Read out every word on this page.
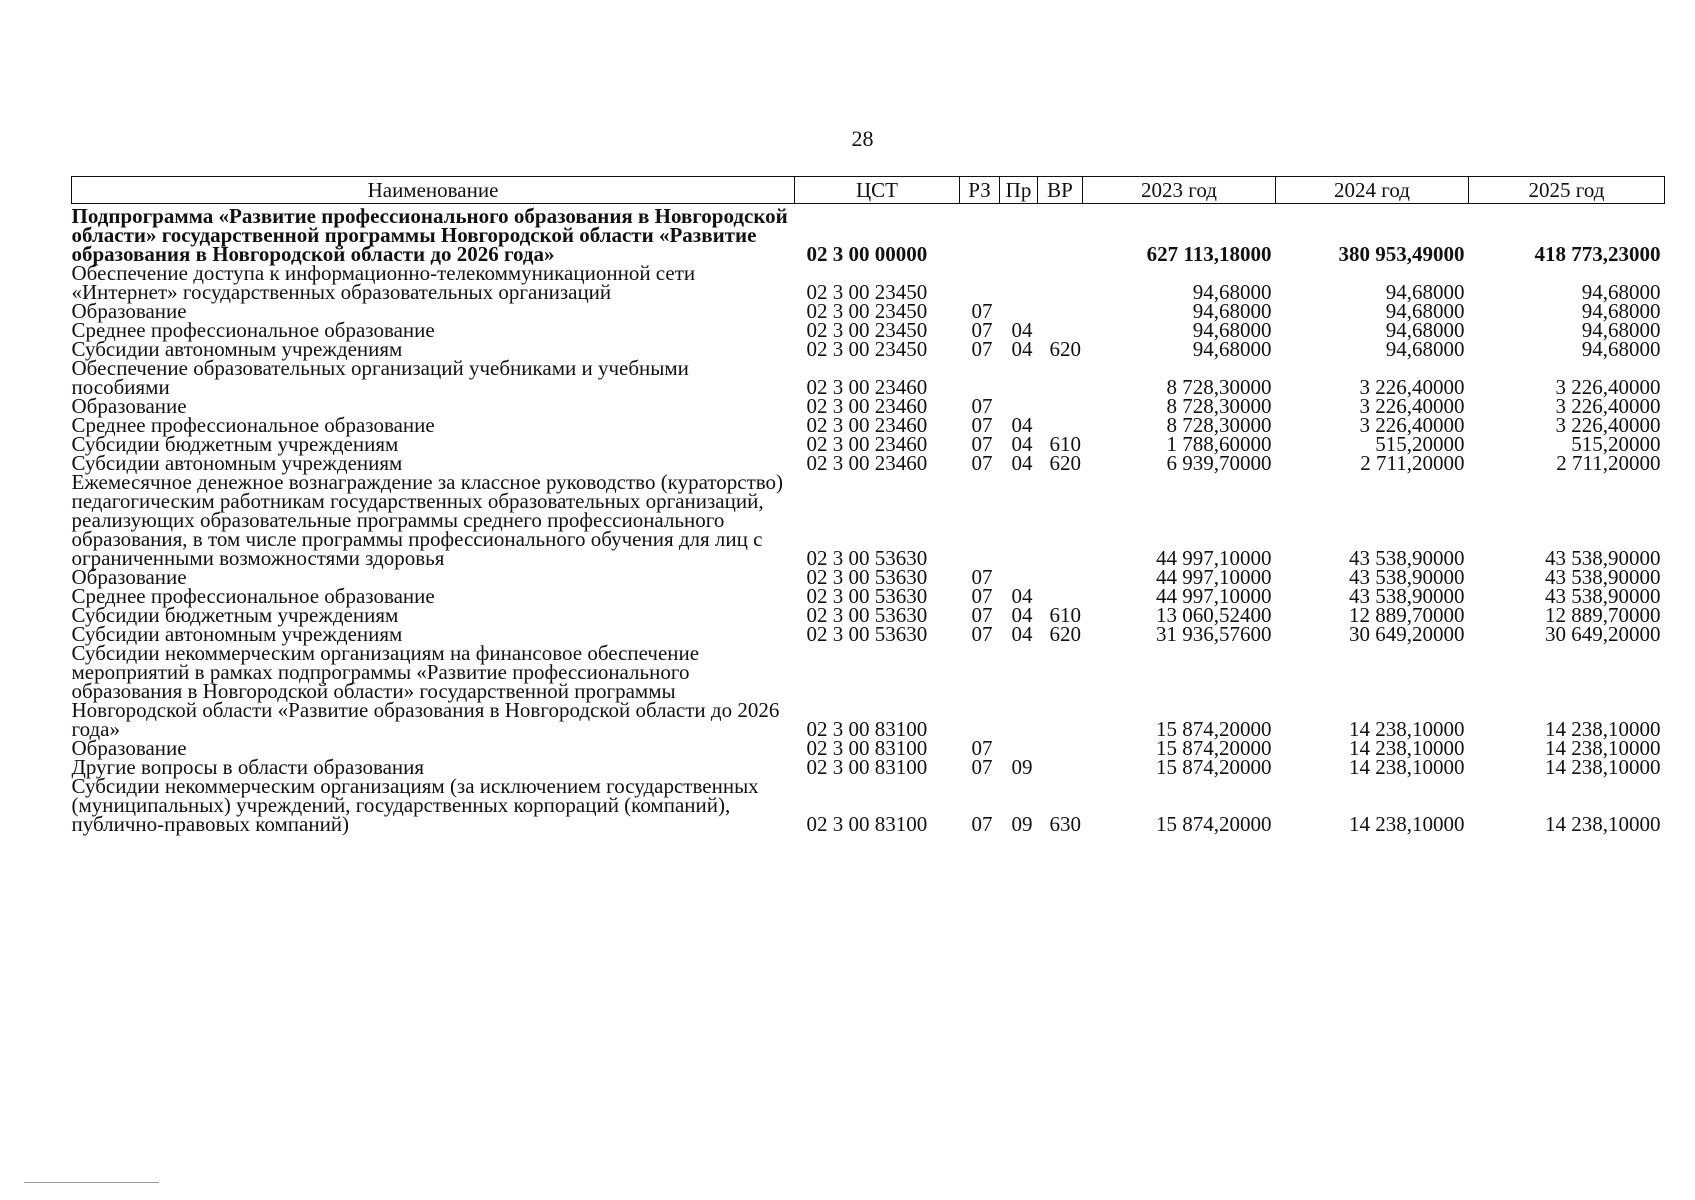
28
Наименование	ЦСТ	РЗ	Пр	ВР	2023 год	2024 год	2025 год
Подпрограмма «Развитие профессионального образования в Новгородской области» государственной программы Новгородской области «Развитие образования в Новгородской области до 2026 года»	02 3 00 00000				627 113,18000	380 953,49000	418 773,23000
Обеспечение доступа к информационно-телекоммуникационной сети «Интернет» государственных образовательных организаций	02 3 00 23450				94,68000	94,68000	94,68000
Образование	02 3 00 23450	07			94,68000	94,68000	94,68000
Среднее профессиональное образование	02 3 00 23450	07	04		94,68000	94,68000	94,68000
Субсидии автономным учреждениям	02 3 00 23450	07	04	620	94,68000	94,68000	94,68000
Обеспечение образовательных организаций учебниками и учебными пособиями	02 3 00 23460				8 728,30000	3 226,40000	3 226,40000
Образование	02 3 00 23460	07			8 728,30000	3 226,40000	3 226,40000
Среднее профессиональное образование	02 3 00 23460	07	04		8 728,30000	3 226,40000	3 226,40000
Субсидии бюджетным учреждениям	02 3 00 23460	07	04	610	1 788,60000	515,20000	515,20000
Субсидии автономным учреждениям	02 3 00 23460	07	04	620	6 939,70000	2 711,20000	2 711,20000
Ежемесячное денежное вознаграждение за классное руководство (кураторство) педагогическим работникам государственных образовательных организаций, реализующих образовательные программы среднего профессионального образования, в том числе программы профессионального обучения для лиц с ограниченными возможностями здоровья	02 3 00 53630				44 997,10000	43 538,90000	43 538,90000
Образование	02 3 00 53630	07			44 997,10000	43 538,90000	43 538,90000
Среднее профессиональное образование	02 3 00 53630	07	04		44 997,10000	43 538,90000	43 538,90000
Субсидии бюджетным учреждениям	02 3 00 53630	07	04	610	13 060,52400	12 889,70000	12 889,70000
Субсидии автономным учреждениям	02 3 00 53630	07	04	620	31 936,57600	30 649,20000	30 649,20000
Субсидии некоммерческим организациям на финансовое обеспечение мероприятий в рамках подпрограммы «Развитие профессионального образования в Новгородской области» государственной программы Новгородской области «Развитие образования в Новгородской области до 2026 года»	02 3 00 83100				15 874,20000	14 238,10000	14 238,10000
Образование	02 3 00 83100	07			15 874,20000	14 238,10000	14 238,10000
Другие вопросы в области образования	02 3 00 83100	07	09		15 874,20000	14 238,10000	14 238,10000
Субсидии некоммерческим организациям (за исключением государственных (муниципальных) учреждений, государственных корпораций (компаний), публично-правовых компаний)	02 3 00 83100	07	09	630	15 874,20000	14 238,10000	14 238,10000
